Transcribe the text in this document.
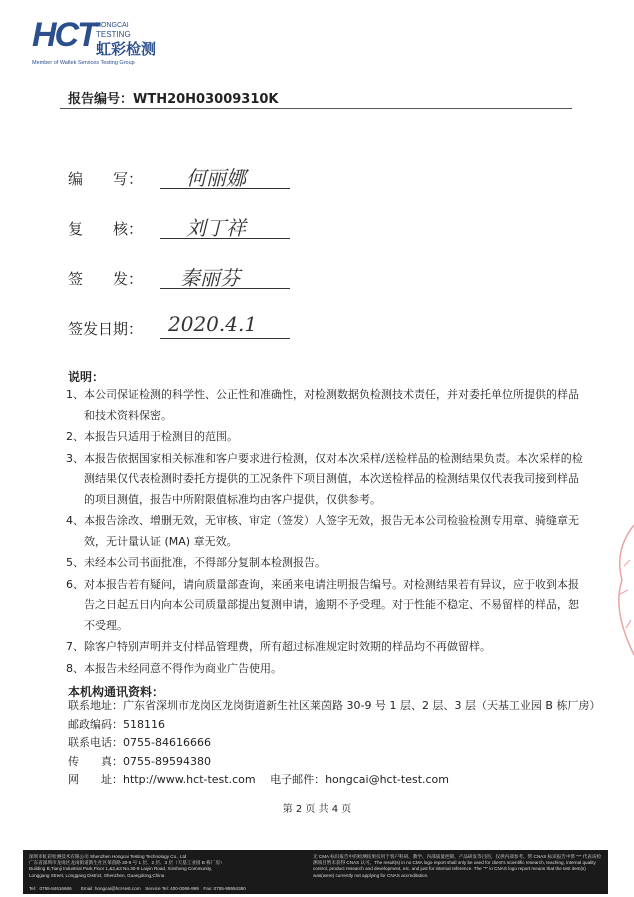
HCT HONGCAI
TESTING
虹彩检测
Member of Waltek Services Testing Group
报告编号：WTH20H03009310K
编　　写： 何丽娜
复　　核： 刘丁祥
签　　发： 秦丽芬
签发日期： 2020.4.1
说明：
1、 本公司保证检测的科学性、公正性和准确性，对检测数据负检测技术责任，并对委托单位所提供的样品和技术资料保密。
2、 本报告只适用于检测目的范围。
3、 本报告依据国家相关标准和客户要求进行检测，仅对本次采样/送检样品的检测结果负责。本次采样的检测结果仅代表检测时委托方提供的工况条件下项目测值，本次送检样品的检测结果仅代表我司接到样品的项目测值，报告中所附限值标准均由客户提供，仅供参考。
4、 本报告涂改、增删无效，无审核、审定（签发）人签字无效，报告无本公司检验检测专用章、骑缝章无效，无计量认证 (MA) 章无效。
5、 未经本公司书面批准，不得部分复制本检测报告。
6、 对本报告若有疑问，请向质量部查询，来函来电请注明报告编号。对检测结果若有异议，应于收到本报告之日起五日内向本公司质量部提出复测申请，逾期不予受理。对于性能不稳定、不易留样的样品，恕不受理。
7、 除客户特别声明并支付样品管理费，所有超过标准规定时效期的样品均不再做留样。
8、 本报告未经同意不得作为商业广告使用。
本机构通讯资料：
联系地址：广东省深圳市龙岗区龙岗街道新生社区莱茵路 30-9 号 1 层、2 层、3 层（天基工业园 B 栋厂房）
邮政编码：518116
联系电话：0755-84616666
传　　真：0755-89594380
网　　址：http://www.hct-test.com　 电子邮件：hongcai@hct-test.com
第 2 页 共 4 页
深圳市虹彩检测技术有限公司 Shenzhen Hongcai Testing Technology Co., Ltd
广东省深圳市龙岗区龙岗街道新生社区莱茵路 30-9 号 1 层、2 层、3 层（天基工业园 B 栋厂房）
Building B,Tianji Industrial Park,Floor 1,&2,&3 No.30-9 Laiyin Road, Xinsheng Community,
Longgang Street, Longgang District, Shenzhen, Guangdong,China
无 CMA 标识报告中的检测结果仅用于客户科研、教学、内部质量控制、产品研发等目的，仅供内部参考。带 CNAS 标识报告中带 "*" 代表该检测项目暂未获得 CNAS 认可。The result(s) in no CMA logo report shall only be used for client's scientific research, teaching, internal quality control, product research and development, etc. and just for internal reference. The "*" in CNAS logo report means that the test item(s) was(were) currently not applying for CNAS accreditation.
Tel：0755-84616666　　Email: hongcai@hct-test.com　Service Tel: 400-0066-999　Fax: 0755-89594380
